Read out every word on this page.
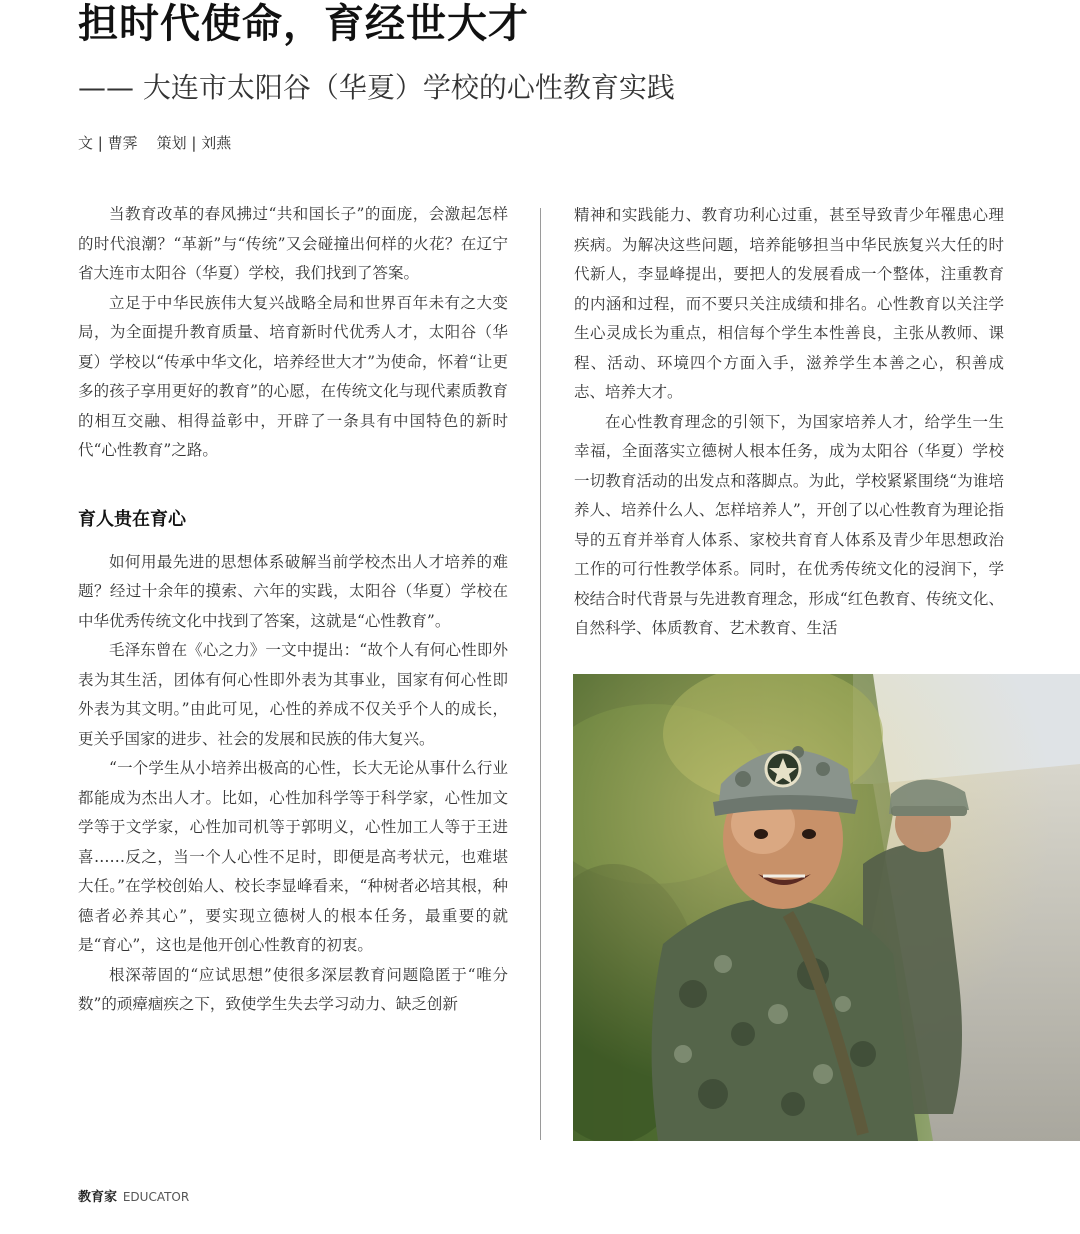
担时代使命，育经世大才
—— 大连市太阳谷（华夏）学校的心性教育实践
文 | 曹霁    策划 | 刘燕

当教育改革的春风拂过“共和国长子”的面庞，会激起怎样的时代浪潮？“革新”与“传统”又会碰撞出何样的火花？在辽宁省大连市太阳谷（华夏）学校，我们找到了答案。

立足于中华民族伟大复兴战略全局和世界百年未有之大变局，为全面提升教育质量、培育新时代优秀人才，太阳谷（华夏）学校以“传承中华文化，培养经世大才”为使命，怀着“让更多的孩子享用更好的教育”的心愿，在传统文化与现代素质教育的相互交融、相得益彰中，开辟了一条具有中国特色的新时代“心性教育”之路。

育人贵在育心

如何用最先进的思想体系破解当前学校杰出人才培养的难题？经过十余年的摸索、六年的实践，太阳谷（华夏）学校在中华优秀传统文化中找到了答案，这就是“心性教育”。

毛泽东曾在《心之力》一文中提出：“故个人有何心性即外表为其生活，团体有何心性即外表为其事业，国家有何心性即外表为其文明。”由此可见，心性的养成不仅关乎个人的成长，更关乎国家的进步、社会的发展和民族的伟大复兴。

“一个学生从小培养出极高的心性，长大无论从事什么行业都能成为杰出人才。比如，心性加科学等于科学家，心性加文学等于文学家，心性加司机等于郭明义，心性加工人等于王进喜……反之，当一个人心性不足时，即便是高考状元，也难堪大任。”在学校创始人、校长李显峰看来，“种树者必培其根，种德者必养其心”，要实现立德树人的根本任务，最重要的就是“育心”，这也是他开创心性教育的初衷。

根深蒂固的“应试思想”使很多深层教育问题隐匿于“唯分数”的顽瘴痼疾之下，致使学生失去学习动力、缺乏创新

精神和实践能力、教育功利心过重，甚至导致青少年罹患心理疾病。为解决这些问题，培养能够担当中华民族复兴大任的时代新人，李显峰提出，要把人的发展看成一个整体，注重教育的内涵和过程，而不要只关注成绩和排名。心性教育以关注学生心灵成长为重点，相信每个学生本性善良，主张从教师、课程、活动、环境四个方面入手，滋养学生本善之心，积善成志、培养大才。

在心性教育理念的引领下，为国家培养人才，给学生一生幸福，全面落实立德树人根本任务，成为太阳谷（华夏）学校一切教育活动的出发点和落脚点。为此，学校紧紧围绕“为谁培养人、培养什么人、怎样培养人”，开创了以心性教育为理论指导的五育并举育人体系、家校共育育人体系及青少年思想政治工作的可行性教学体系。同时，在优秀传统文化的浸润下，学校结合时代背景与先进教育理念，形成“红色教育、传统文化、自然科学、体质教育、艺术教育、生活

教育家 EDUCATOR
